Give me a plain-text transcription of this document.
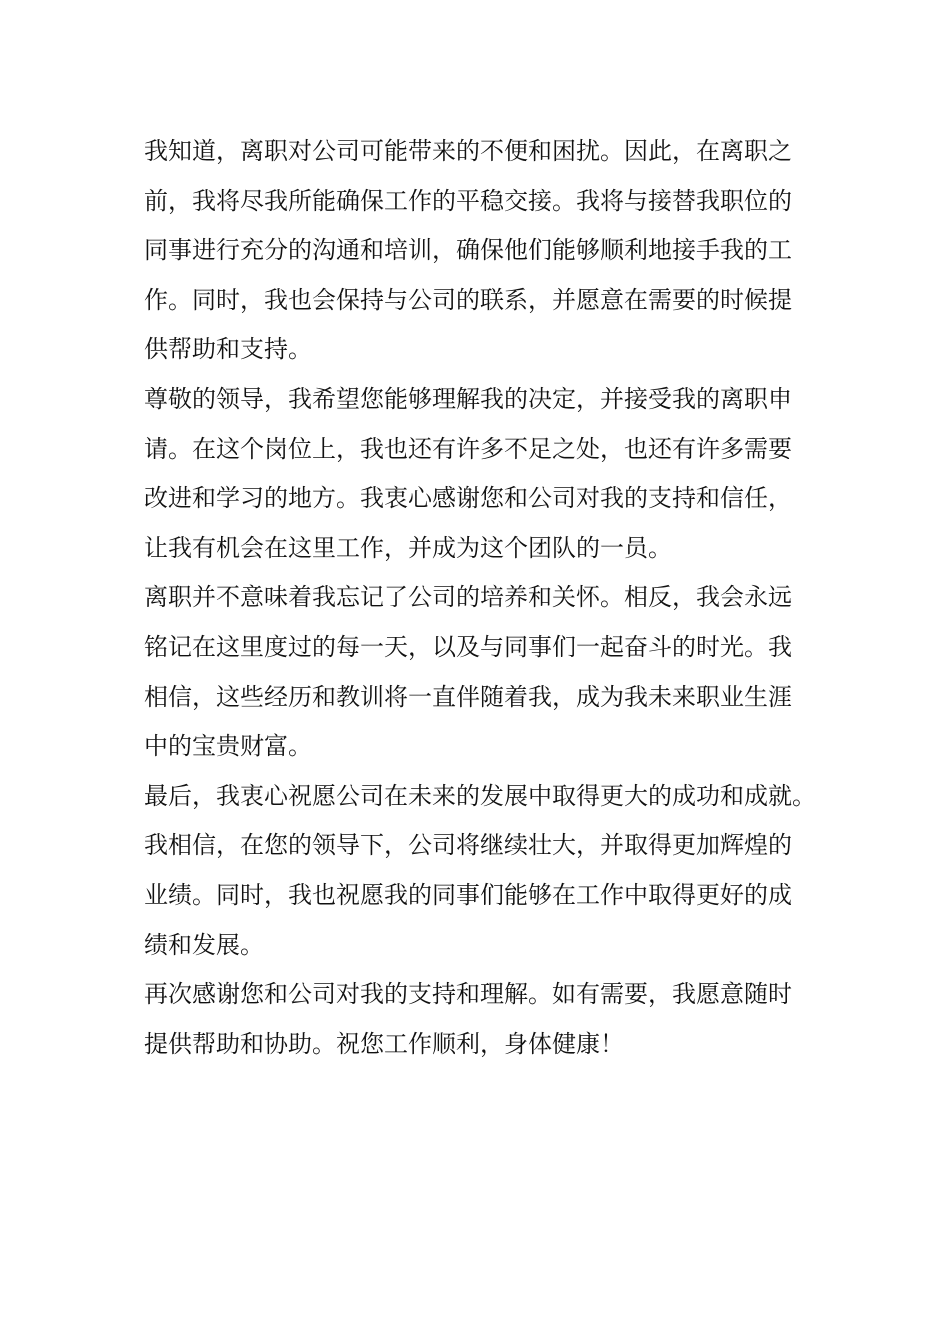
我知道，离职对公司可能带来的不便和困扰。因此，在离职之
前，我将尽我所能确保工作的平稳交接。我将与接替我职位的
同事进行充分的沟通和培训，确保他们能够顺利地接手我的工
作。同时，我也会保持与公司的联系，并愿意在需要的时候提
供帮助和支持。
尊敬的领导，我希望您能够理解我的决定，并接受我的离职申
请。在这个岗位上，我也还有许多不足之处，也还有许多需要
改进和学习的地方。我衷心感谢您和公司对我的支持和信任，
让我有机会在这里工作，并成为这个团队的一员。
离职并不意味着我忘记了公司的培养和关怀。相反，我会永远
铭记在这里度过的每一天，以及与同事们一起奋斗的时光。我
相信，这些经历和教训将一直伴随着我，成为我未来职业生涯
中的宝贵财富。
最后，我衷心祝愿公司在未来的发展中取得更大的成功和成就。
我相信，在您的领导下，公司将继续壮大，并取得更加辉煌的
业绩。同时，我也祝愿我的同事们能够在工作中取得更好的成
绩和发展。
再次感谢您和公司对我的支持和理解。如有需要，我愿意随时
提供帮助和协助。祝您工作顺利，身体健康！
